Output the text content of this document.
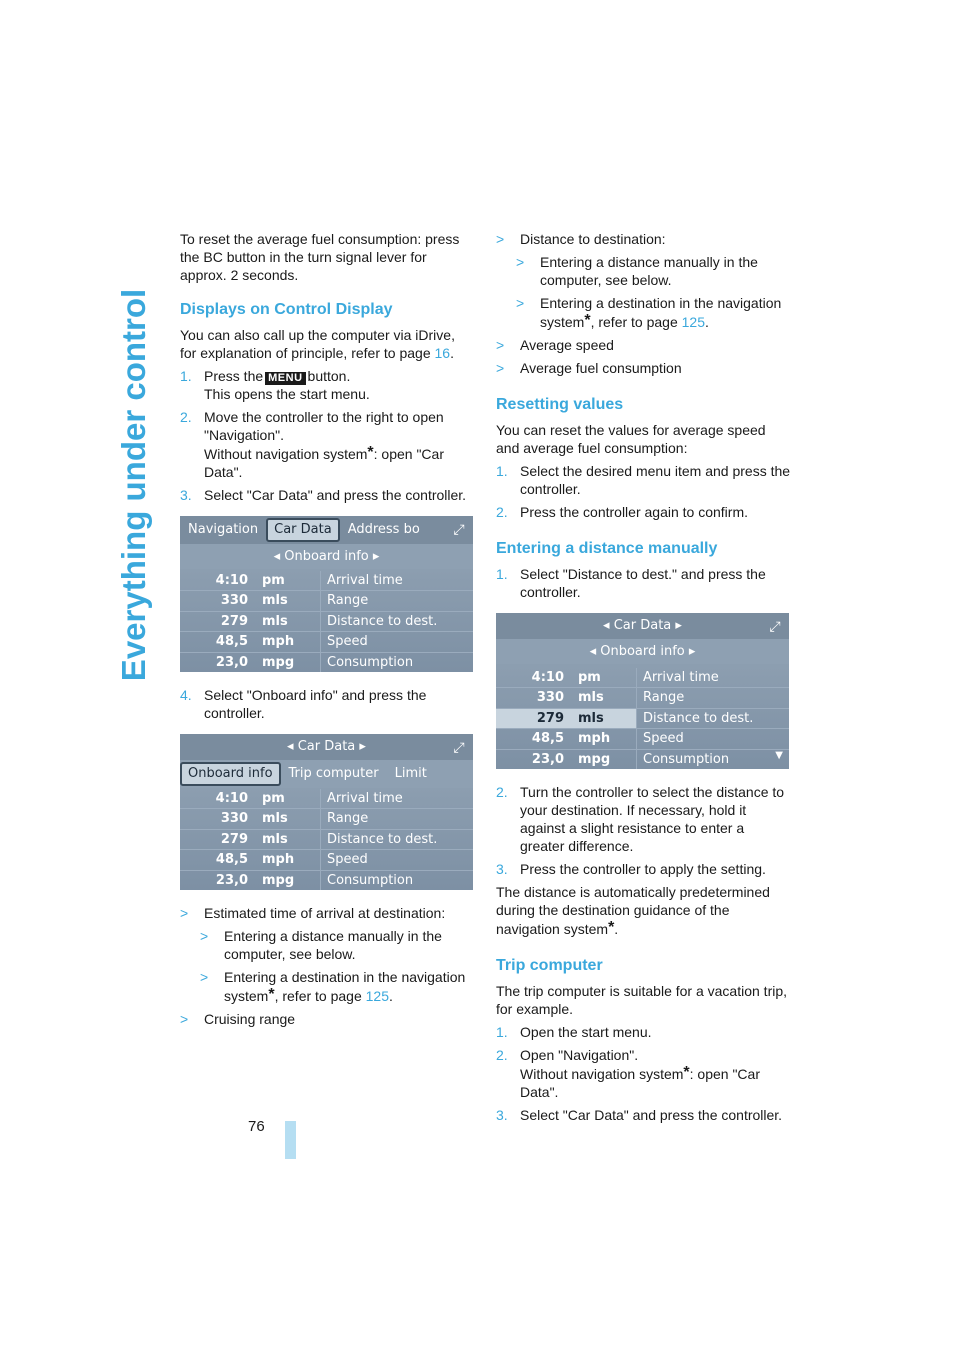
Everything under control

To reset the average fuel consumption: press the BC button in the turn signal lever for approx. 2 seconds.

Displays on Control Display

You can also call up the computer via iDrive, for explanation of principle, refer to page 16.

1. Press the MENU button.
This opens the start menu.
2. Move the controller to the right to open "Navigation".
Without navigation system*: open "Car Data".
3. Select "Car Data" and press the controller.
Navigation	Car Data	Address bo	⤢
◂ Onboard info ▸
4:10	pm	Arrival time
330	mls	Range
279	mls	Distance to dest.
48,5	mph	Speed
23,0	mpg	Consumption
4. Select "Onboard info" and press the controller.
◂ Car Data ▸	⤢
Onboard info	Trip computer	Limit
4:10	pm	Arrival time
330	mls	Range
279	mls	Distance to dest.
48,5	mph	Speed
23,0	mpg	Consumption
>	Estimated time of arrival at destination:
>	Entering a distance manually in the computer, see below.
>	Entering a destination in the navigation system*, refer to page 125.
>	Cruising range
>	Distance to destination:
>	Entering a distance manually in the computer, see below.
>	Entering a destination in the navigation system*, refer to page 125.
>	Average speed
>	Average fuel consumption
Resetting values

You can reset the values for average speed and average fuel consumption:

1. Select the desired menu item and press the controller.
2. Press the controller again to confirm.
Entering a distance manually
1. Select "Distance to dest." and press the controller.
◂ Car Data ▸	⤢
◂ Onboard info ▸
4:10	pm	Arrival time
330	mls	Range
279	mls	Distance to dest.
48,5	mph	Speed
23,0	mpg	Consumption	▼
2. Turn the controller to select the distance to your destination. If necessary, hold it against a slight resistance to enter a greater difference.
3. Press the controller to apply the setting.

The distance is automatically predetermined during the destination guidance of the navigation system*.

Trip computer

The trip computer is suitable for a vacation trip, for example.

1. Open the start menu.
2. Open "Navigation".
Without navigation system*: open "Car Data".
3. Select "Car Data" and press the controller.
76
